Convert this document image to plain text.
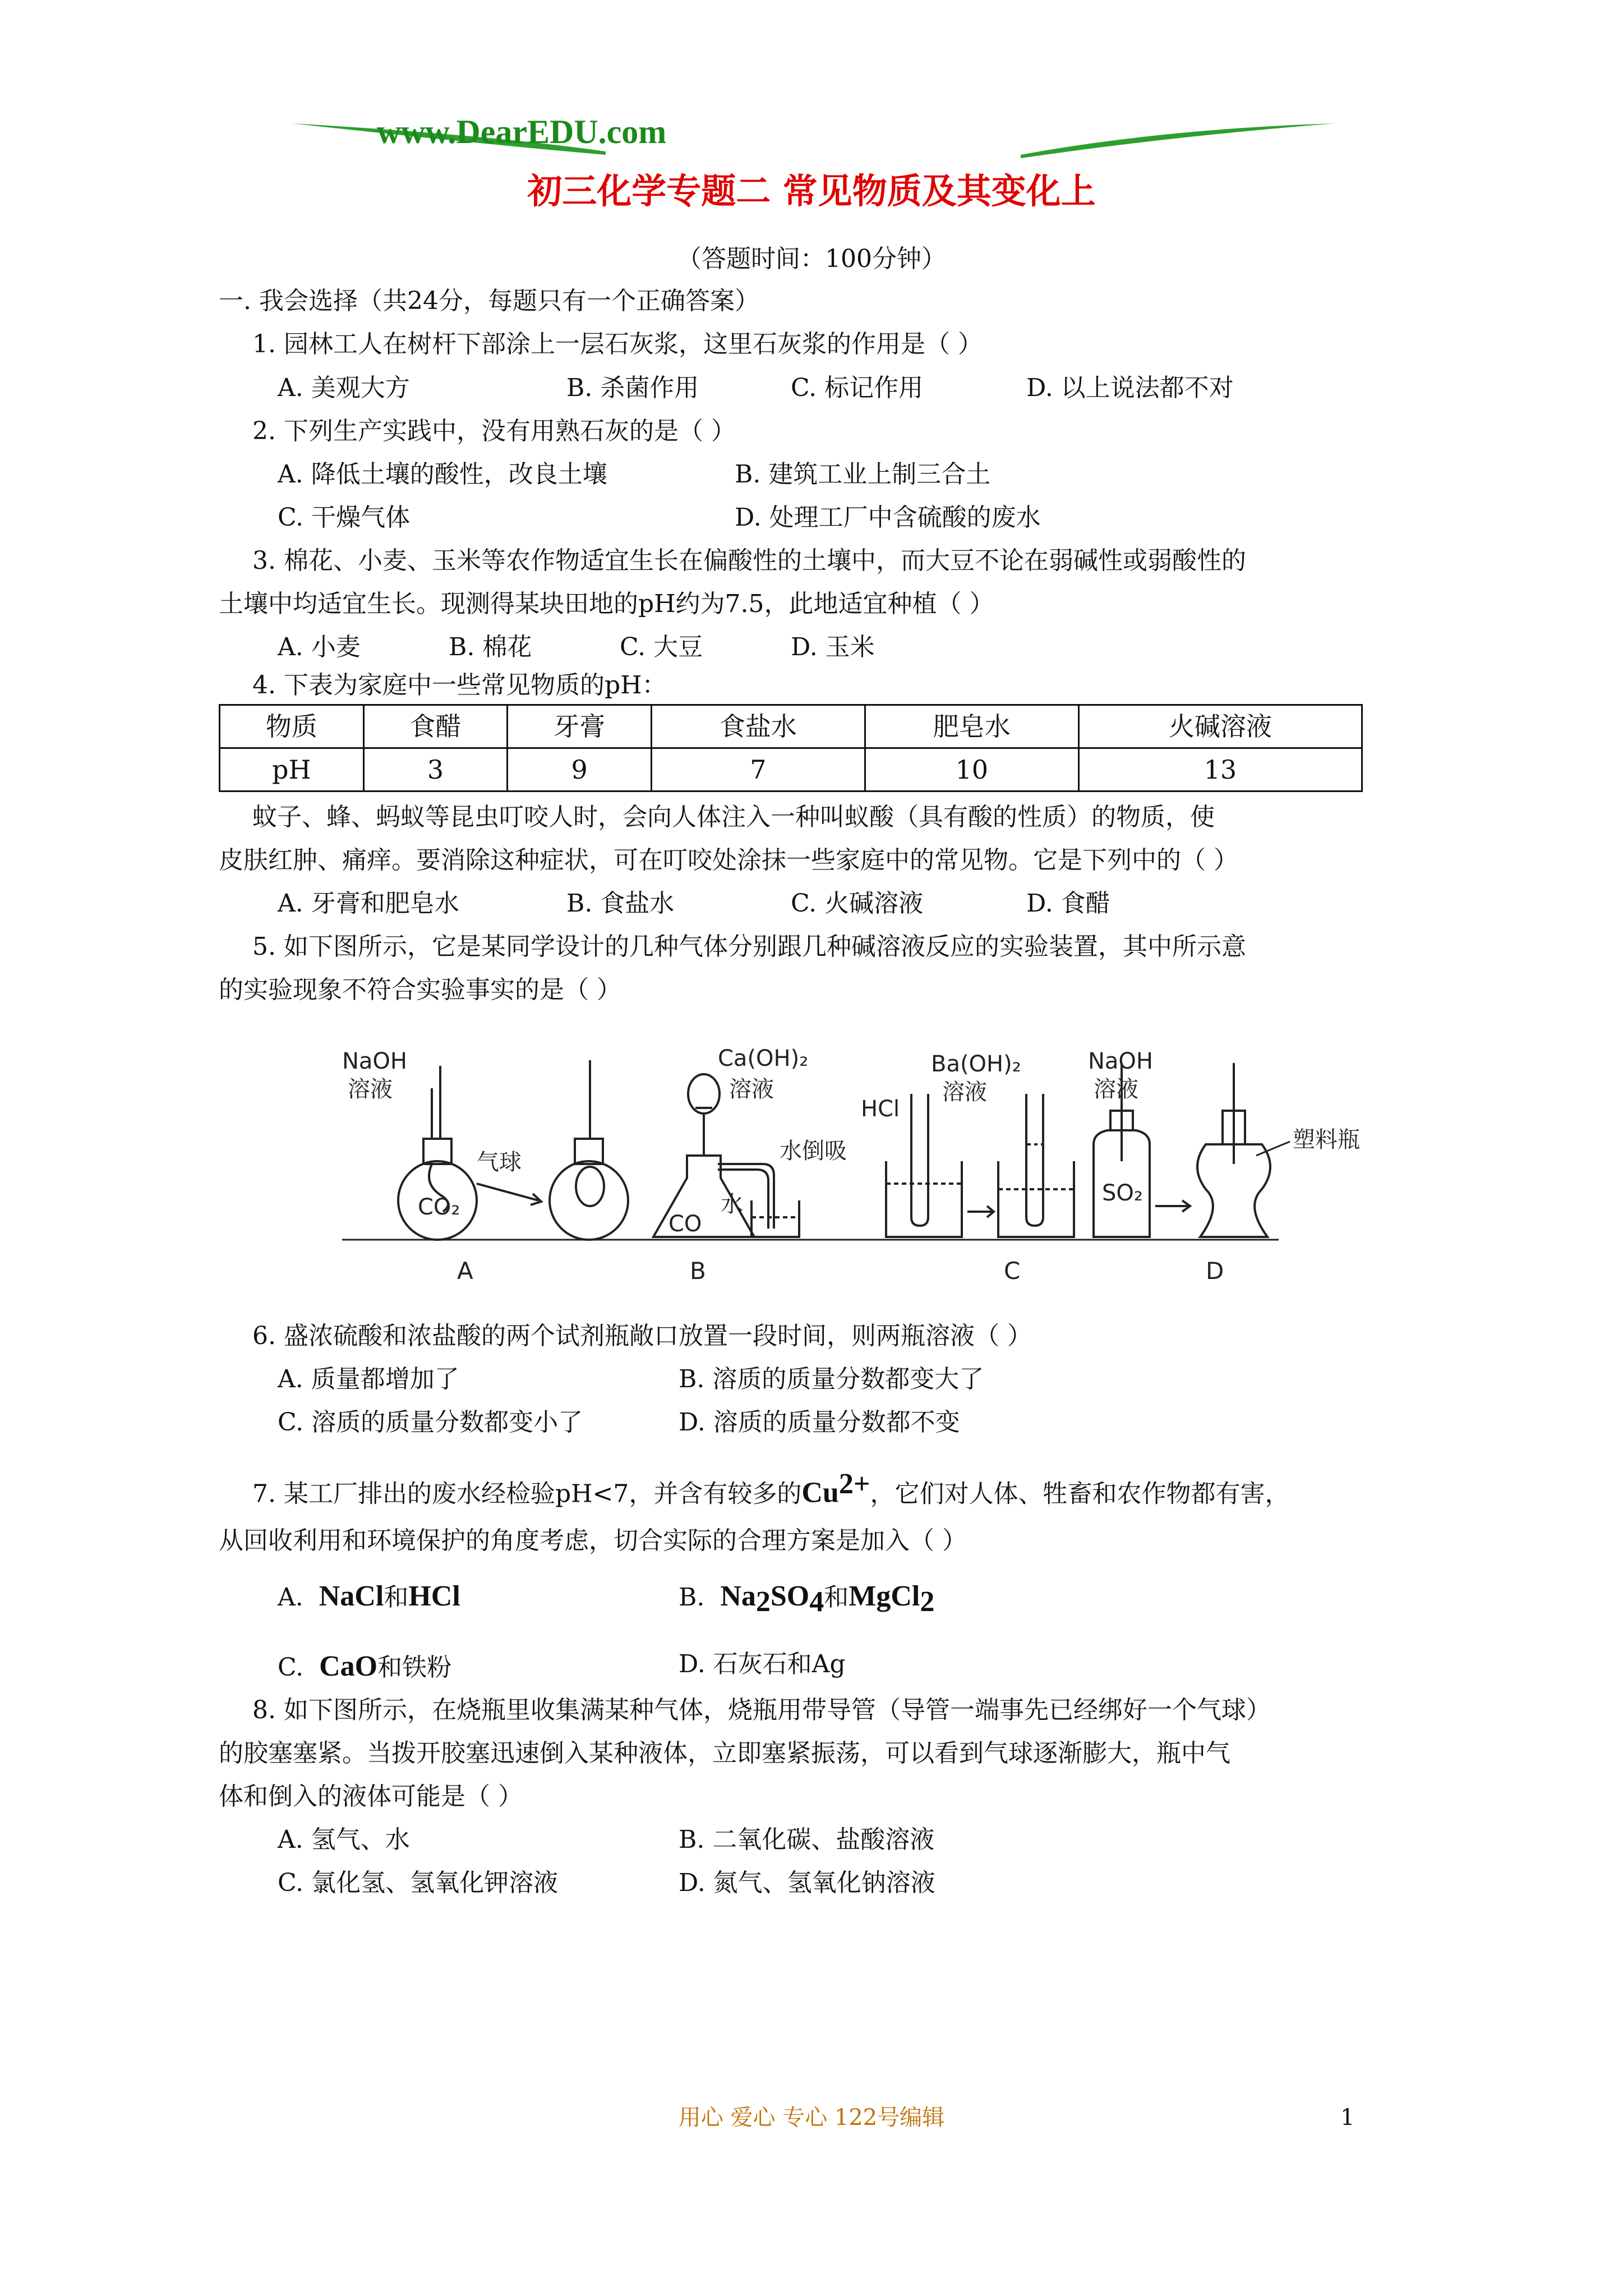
www.DearEDU.com
初三化学专题二 常见物质及其变化上
（答题时间：100分钟）
一. 我会选择（共24分，每题只有一个正确答案）
1. 园林工人在树杆下部涂上一层石灰浆，这里石灰浆的作用是（ ）
A. 美观大方	B. 杀菌作用	C. 标记作用	D. 以上说法都不对
2. 下列生产实践中，没有用熟石灰的是（ ）
A. 降低土壤的酸性，改良土壤	B. 建筑工业上制三合土
C. 干燥气体	D. 处理工厂中含硫酸的废水
3. 棉花、小麦、玉米等农作物适宜生长在偏酸性的土壤中，而大豆不论在弱碱性或弱酸性的
土壤中均适宜生长。现测得某块田地的pH约为7.5，此地适宜种植（ ）
A. 小麦	B. 棉花	C. 大豆	D. 玉米
4. 下表为家庭中一些常见物质的pH：
物质	食醋	牙膏	食盐水	肥皂水	火碱溶液
pH	3	9	7	10	13
蚊子、蜂、蚂蚁等昆虫叮咬人时，会向人体注入一种叫蚁酸（具有酸的性质）的物质，使
皮肤红肿、痛痒。要消除这种症状，可在叮咬处涂抹一些家庭中的常见物。它是下列中的（ ）
A. 牙膏和肥皂水	B. 食盐水	C. 火碱溶液	D. 食醋
5. 如下图所示，它是某同学设计的几种气体分别跟几种碱溶液反应的实验装置，其中所示意
的实验现象不符合实验事实的是（ ）
NaOH
溶液
气球
CO₂
A
Ca(OH)₂
溶液
水倒吸
水
CO
B
HCl
Ba(OH)₂
溶液
C
NaOH
溶液
SO₂
塑料瓶
D
6. 盛浓硫酸和浓盐酸的两个试剂瓶敞口放置一段时间，则两瓶溶液（ ）
A. 质量都增加了	B. 溶质的质量分数都变大了
C. 溶质的质量分数都变小了	D. 溶质的质量分数都不变
7. 某工厂排出的废水经检验pH<7，并含有较多的$Cu^{2+}$，它们对人体、牲畜和农作物都有害，
从回收利用和环境保护的角度考虑，切合实际的合理方案是加入（ ）
A. NaCl和HCl	B. $Na_2SO_4$和MgCl$_2$
C. CaO和铁粉	D. 石灰石和Ag
8. 如下图所示，在烧瓶里收集满某种气体，烧瓶用带导管（导管一端事先已经绑好一个气球）
的胶塞塞紧。当拨开胶塞迅速倒入某种液体，立即塞紧振荡，可以看到气球逐渐膨大，瓶中气
体和倒入的液体可能是（ ）
A. 氢气、水	B. 二氧化碳、盐酸溶液
C. 氯化氢、氢氧化钾溶液	D. 氮气、氢氧化钠溶液
用心 爱心 专心 122号编辑	1
